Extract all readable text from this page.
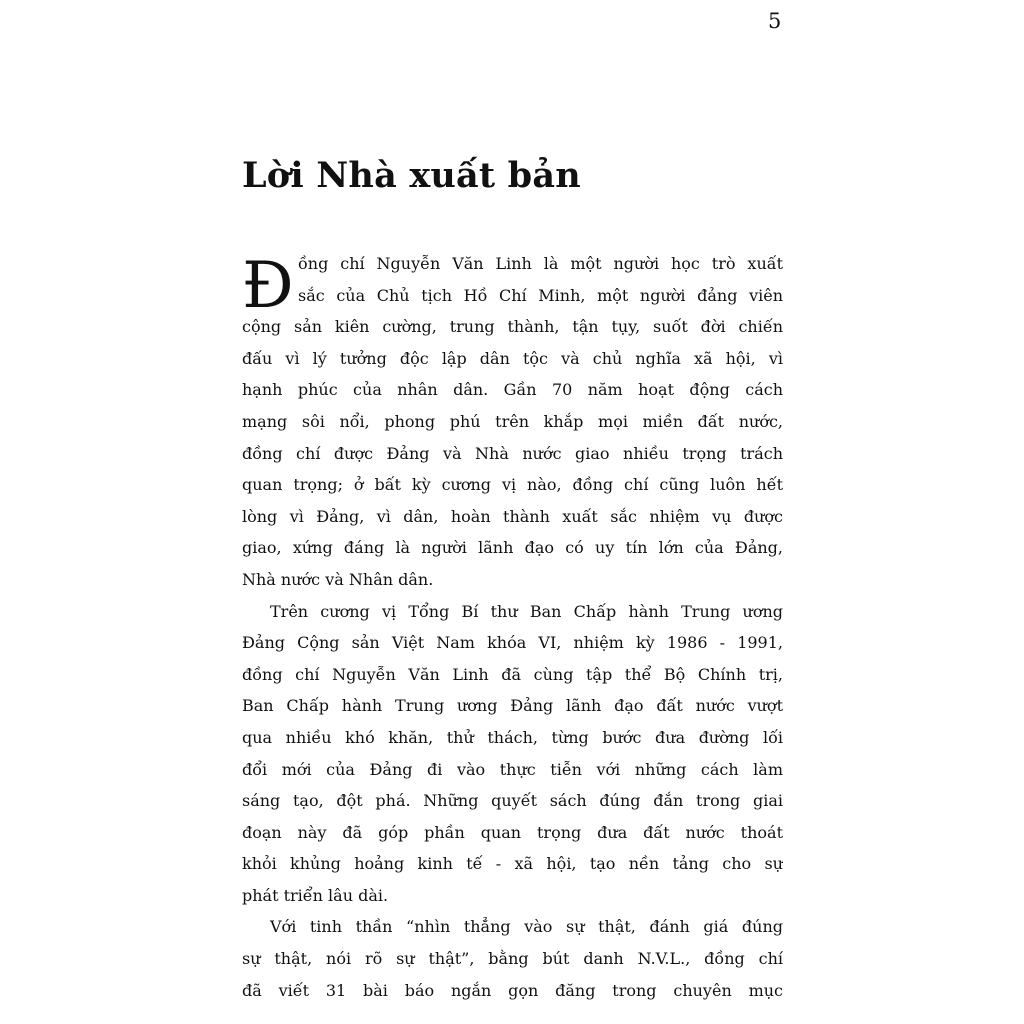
5
Lời Nhà xuất bản
Đ ồng chí Nguyễn Văn Linh là một người học trò xuất
sắc của Chủ tịch Hồ Chí Minh, một người đảng viên
cộng sản kiên cường, trung thành, tận tụy, suốt đời chiến
đấu vì lý tưởng độc lập dân tộc và chủ nghĩa xã hội, vì
hạnh phúc của nhân dân. Gần 70 năm hoạt động cách
mạng sôi nổi, phong phú trên khắp mọi miền đất nước,
đồng chí được Đảng và Nhà nước giao nhiều trọng trách
quan trọng; ở bất kỳ cương vị nào, đồng chí cũng luôn hết
lòng vì Đảng, vì dân, hoàn thành xuất sắc nhiệm vụ được
giao, xứng đáng là người lãnh đạo có uy tín lớn của Đảng,
Nhà nước và Nhân dân.
Trên cương vị Tổng Bí thư Ban Chấp hành Trung ương
Đảng Cộng sản Việt Nam khóa VI, nhiệm kỳ 1986 - 1991,
đồng chí Nguyễn Văn Linh đã cùng tập thể Bộ Chính trị,
Ban Chấp hành Trung ương Đảng lãnh đạo đất nước vượt
qua nhiều khó khăn, thử thách, từng bước đưa đường lối
đổi mới của Đảng đi vào thực tiễn với những cách làm
sáng tạo, đột phá. Những quyết sách đúng đắn trong giai
đoạn này đã góp phần quan trọng đưa đất nước thoát
khỏi khủng hoảng kinh tế - xã hội, tạo nền tảng cho sự
phát triển lâu dài.
Với tinh thần “nhìn thẳng vào sự thật, đánh giá đúng
sự thật, nói rõ sự thật”, bằng bút danh N.V.L., đồng chí
đã viết 31 bài báo ngắn gọn đăng trong chuyên mục
